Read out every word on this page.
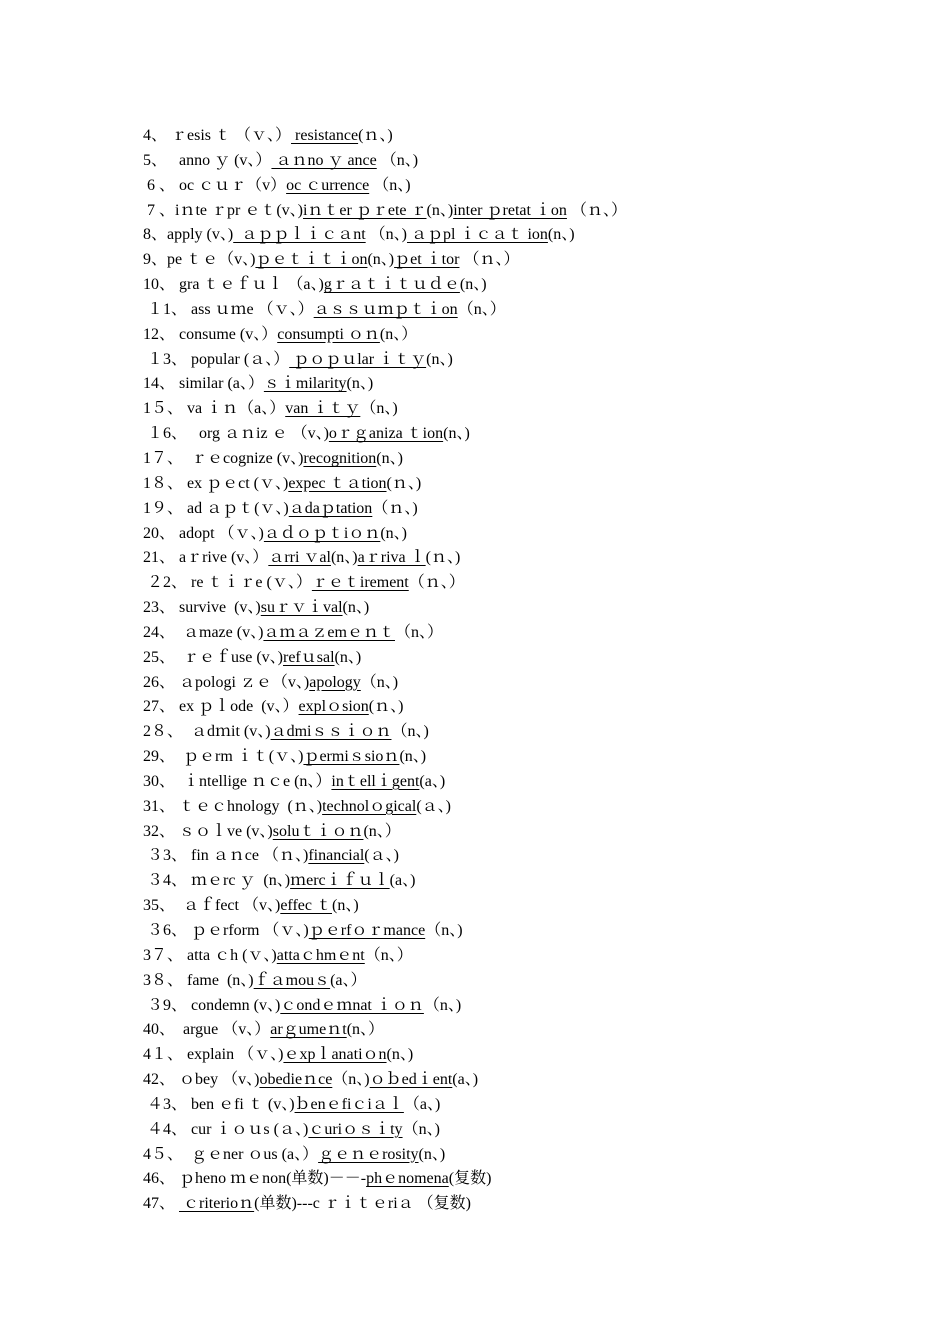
4、 ｒesis ｔ （ｖ、） resistance(ｎ、)
5、   anno ｙ (v、） ａｎno ｙ ance （n、)
6 、 oc ｃｕｒ（v）oc ｃurrence （n、)
7 、iｎte ｒpr ｅｔ(v、)iｎｔer ｐｒete ｒ(n、)inter ｐretat ｉon （ｎ、）
8、apply (v、)  ａｐｐｌｉｃａnt （n、) ａｐpl ｉｃａｔ ion(n、)
9、pe ｔｅ（v、)ｐｅｔｉｔｉon(n、)ｐet ｉtor （ｎ、）
10、 gra ｔｅｆｕｌ （a、)gｒａｔｉｔｕｄｅ(n、)
１1、 ass ｕｍe （ｖ、）ａｓｓｕｍｐｔｉon（n、）
12、 consume (v、）consumpti ｏｎ(n、）
１3、 popular (ａ、） ｐｏｐｕlar ｉｔｙ(n、)
14、 similar (a、）ｓｉmilarity(n、)
1５、 va ｉｎ（a、）van ｉｔｙ（n、)
１6、   org ａｎiz ｅ （v、)oｒｇaniza ｔion(n、)
1７、  ｒｅcognize (v、)recognition(n、)
1８、 ex ｐｅct (ｖ、)expec ｔａtion(ｎ、)
1９、 ad ａｐｔ(ｖ、)ａdaｐtation（ｎ、)
20、 adopt （ｖ、)ａｄｏｐｔiｏｎ(n、)
21、 aｒrive (v、）ａrri ｖal(n、)aｒriva ｌ(ｎ、)
２2、 re ｔｉｒe (ｖ、）ｒｅｔirement（ｎ、）
23、 survive  (v、)suｒｖｉval(n、)
24、  ａmaze (v、)ａｍａｚemｅｎｔ（n、）
25、  ｒｅｆuse (v、)refｕsal(n、)
26、 ａpologi ｚｅ（v、)apology（n、)
27、 ex ｐｌode  (v、）explｏsion(ｎ、)
2８、  ａdｍit (v、)ａdmiｓｓｉｏｎ（n、)
29、  ｐｅrm ｉｔ(ｖ、)ｐermiｓsioｎ(n、)
30、  ｉntellige ｎｃe (n、）inｔellｉgent(a、)
31、 ｔｅｃhnology  (ｎ、)technolｏgical(ａ、)
32、 ｓｏｌve (v、)soluｔｉｏｎ(n、）
３3、 fin ａｎce （ｎ、)financial(ａ、)
３4、 ｍｅrc ｙ  (n、)ｍercｉｆｕｌ(a、)
35、  ａｆfect （v、)effec ｔ(n、)
３6、 ｐｅrform （ｖ、)ｐｅrfｏｒmance（n、)
3７、 atta ｃh (ｖ、)attaｃhmｅnt（n、）
3８、 fame  (n、)ｆａmouｓ(a、）
３9、 condemn (v、)ｃondｅｍnat ｉｏｎ（n、)
40、  argue （v、）arｇumeｎt(n、）
4１、 explain （ｖ、)ｅxpｌanatiｏn(n、)
42、 ｏbey （v、)obedieｎce（n、)ｏｂedｉent(a、)
４3、 ben ｅfi ｔ (v、)ｂenｅfiｃiａｌ（a、)
４4、 cur ｉｏｕs (ａ、)ｃuriｏｓｉty（n、)
4５、  ｇｅner ｏus (a、）ｇｅｎｅrosity(n、)
46、 ｐheno ｍｅnon(单数)－－-phｅnomena(复数)
47、  ｃriterioｎ(单数)---c ｒｉｔｅriａ （复数)
